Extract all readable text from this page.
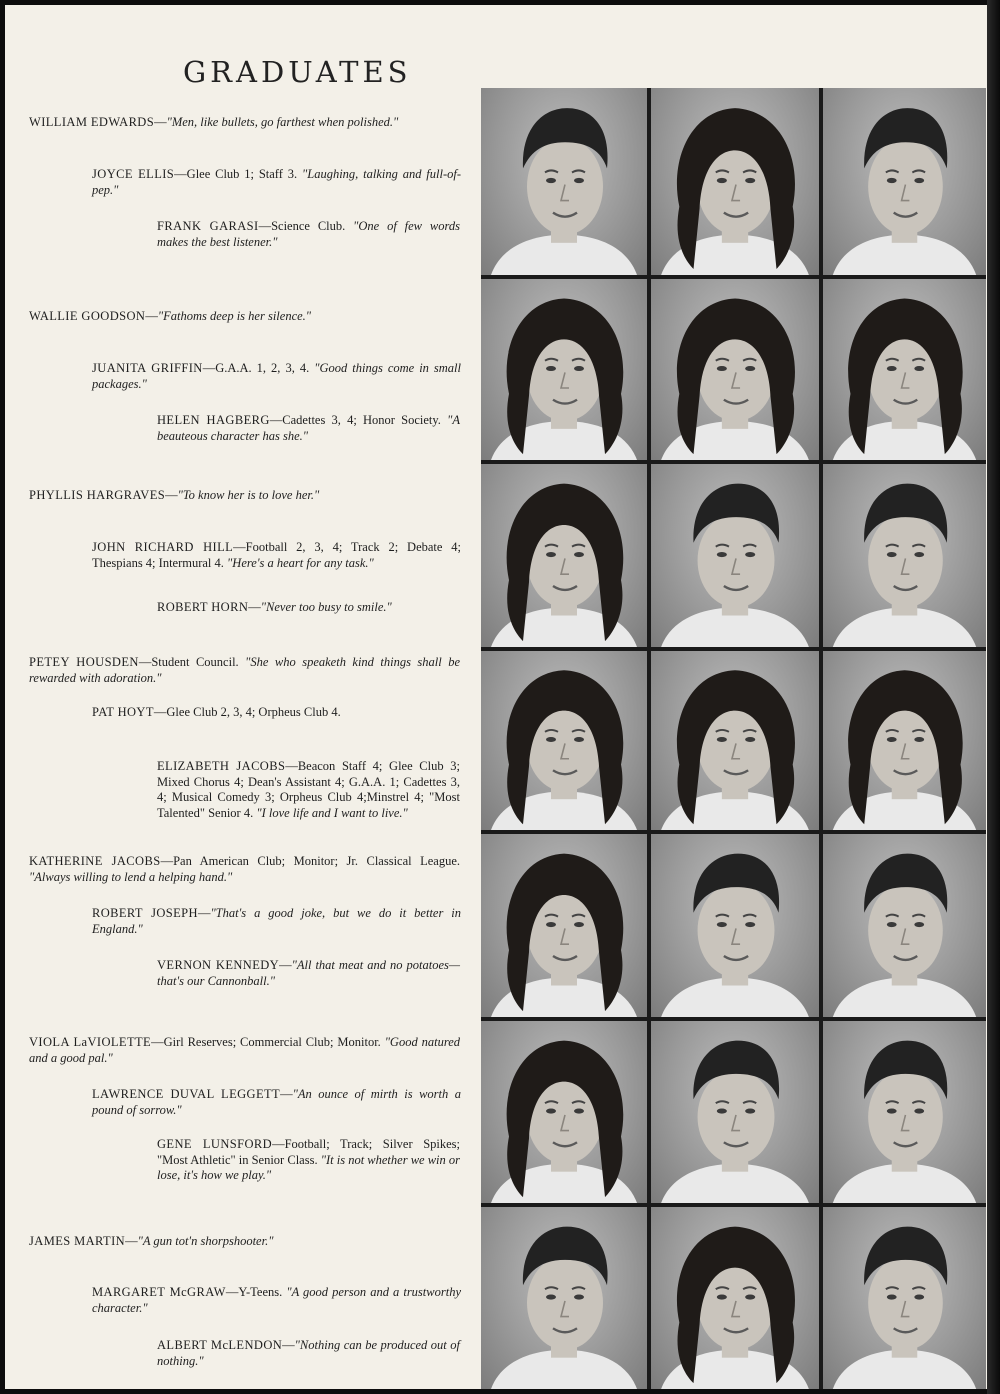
GRADUATES

WILLIAM EDWARDS—"Men, like bullets, go farthest when polished."

JOYCE ELLIS—Glee Club 1; Staff 3. "Laughing, talking and full-of-pep."

FRANK GARASI—Science Club. "One of few words makes the best listener."

WALLIE GOODSON—"Fathoms deep is her silence."

JUANITA GRIFFIN—G.A.A. 1, 2, 3, 4. "Good things come in small packages."

HELEN HAGBERG—Cadettes 3, 4; Honor Society. "A beauteous character has she."

PHYLLIS HARGRAVES—"To know her is to love her."

JOHN RICHARD HILL—Football 2, 3, 4; Track 2; Debate 4; Thespians 4; Intermural 4. "Here's a heart for any task."

ROBERT HORN—"Never too busy to smile."

PETEY HOUSDEN—Student Council. "She who speaketh kind things shall be rewarded with adoration."

PAT HOYT—Glee Club 2, 3, 4; Orpheus Club 4.

ELIZABETH JACOBS—Beacon Staff 4; Glee Club 3; Mixed Chorus 4; Dean's Assistant 4; G.A.A. 1; Cadettes 3, 4; Musical Comedy 3; Orpheus Club 4;Minstrel 4; "Most Talented" Senior 4. "I love life and I want to live."

KATHERINE JACOBS—Pan American Club; Monitor; Jr. Classical League. "Always willing to lend a helping hand."

ROBERT JOSEPH—"That's a good joke, but we do it better in England."

VERNON KENNEDY—"All that meat and no potatoes—that's our Cannonball."

VIOLA LaVIOLETTE—Girl Reserves; Commercial Club; Monitor. "Good natured and a good pal."

LAWRENCE DUVAL LEGGETT—"An ounce of mirth is worth a pound of sorrow."

GENE LUNSFORD—Football; Track; Silver Spikes; "Most Athletic" in Senior Class. "It is not whether we win or lose, it's how we play."

JAMES MARTIN—"A gun tot'n shorpshooter."

MARGARET McGRAW—Y-Teens. "A good person and a trustworthy character."

ALBERT McLENDON—"Nothing can be produced out of nothing."
